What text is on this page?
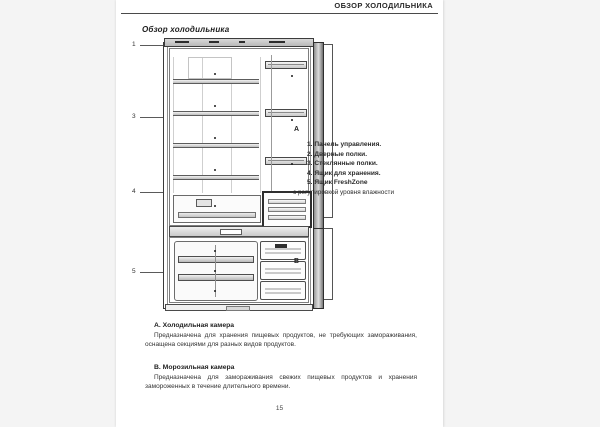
ОБЗОР ХОЛОДИЛЬНИКА
Обзор холодильника
1
3
4
5
A
B
1. Панель управления.
2. Дверные полки.
3. Стеклянные полки.
4. Ящик для хранения.
5. Ящик FreshZone
с регулировкой уровня влажности
A. Холодильная камера

Предназначена для хранения пищевых продуктов, не требующих замораживания, оснащена секциями для разных видов продуктов.

B. Морозильная камера

Предназначена для замораживания свежих пищевых продуктов и хранения замороженных в течение длительного времени.

15
